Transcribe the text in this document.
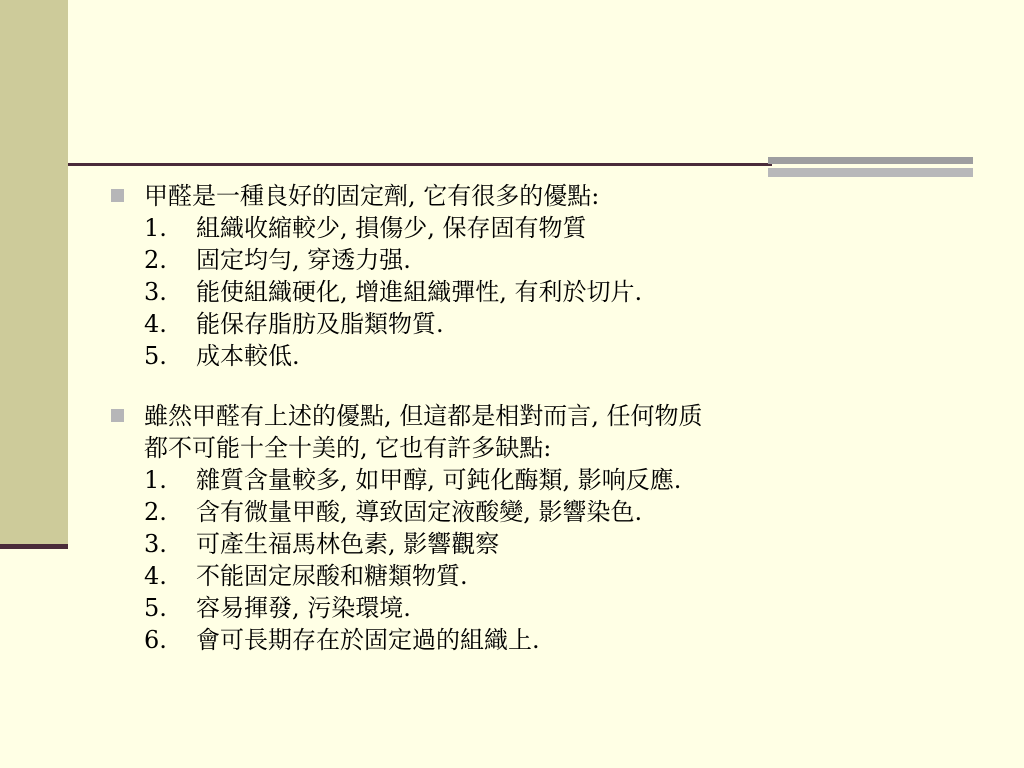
甲醛是一種良好的固定劑, 它有很多的優點:
1. 組織收縮較少, 損傷少, 保存固有物質
2. 固定均勻, 穿透力强.
3. 能使組織硬化, 增進組織彈性, 有利於切片.
4. 能保存脂肪及脂類物質.
5. 成本較低.
雖然甲醛有上述的優點, 但這都是相對而言, 任何物质
都不可能十全十美的, 它也有許多缺點:
1. 雜質含量較多, 如甲醇, 可鈍化酶類, 影响反應.
2. 含有微量甲酸, 導致固定液酸變, 影響染色.
3. 可產生福馬林色素, 影響觀察
4. 不能固定尿酸和糖類物質.
5. 容易揮發, 污染環境.
6. 會可長期存在於固定過的組織上.
